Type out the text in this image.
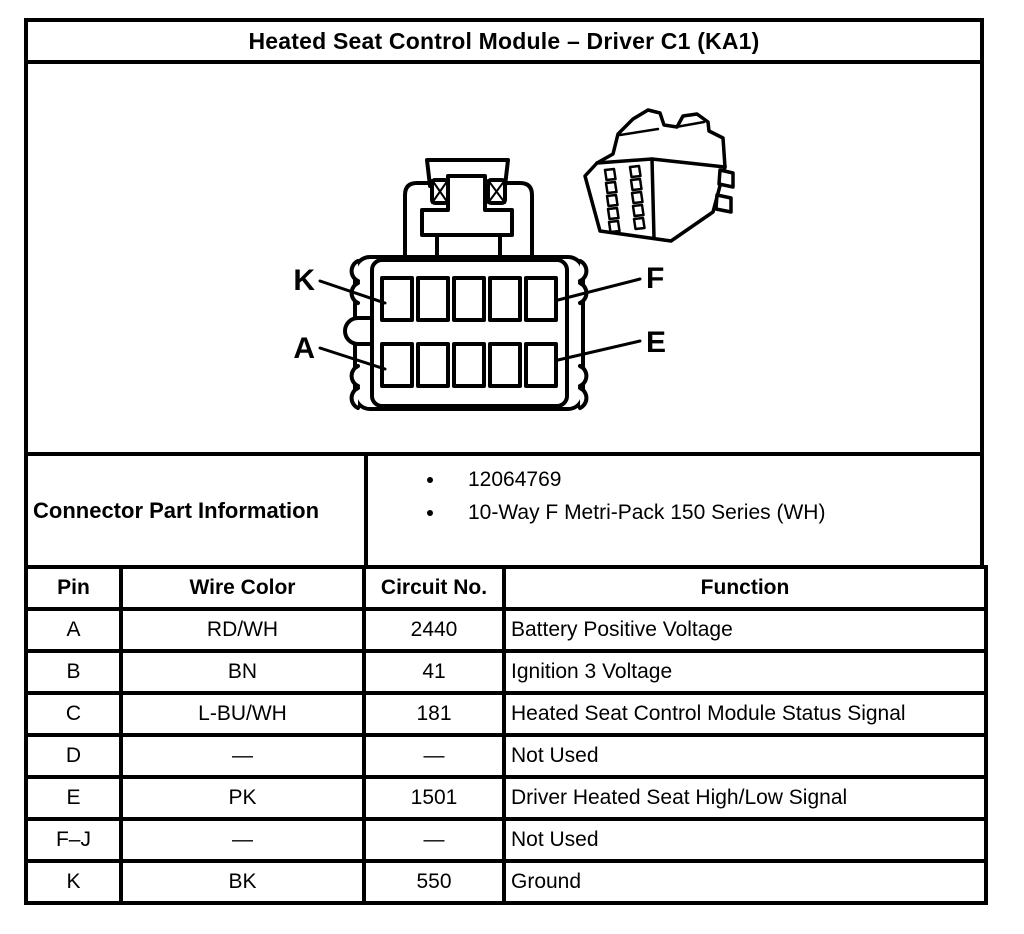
Heated Seat Control Module – Driver C1 (KA1)
K
A
F
E
Connector Part Information
• 12064769
• 10-Way F Metri-Pack 150 Series (WH)
Pin	Wire Color	Circuit No.	Function
A	RD/WH	2440	Battery Positive Voltage
B	BN	41	Ignition 3 Voltage
C	L-BU/WH	181	Heated Seat Control Module Status Signal
D	—	—	Not Used
E	PK	1501	Driver Heated Seat High/Low Signal
F–J	—	—	Not Used
K	BK	550	Ground
